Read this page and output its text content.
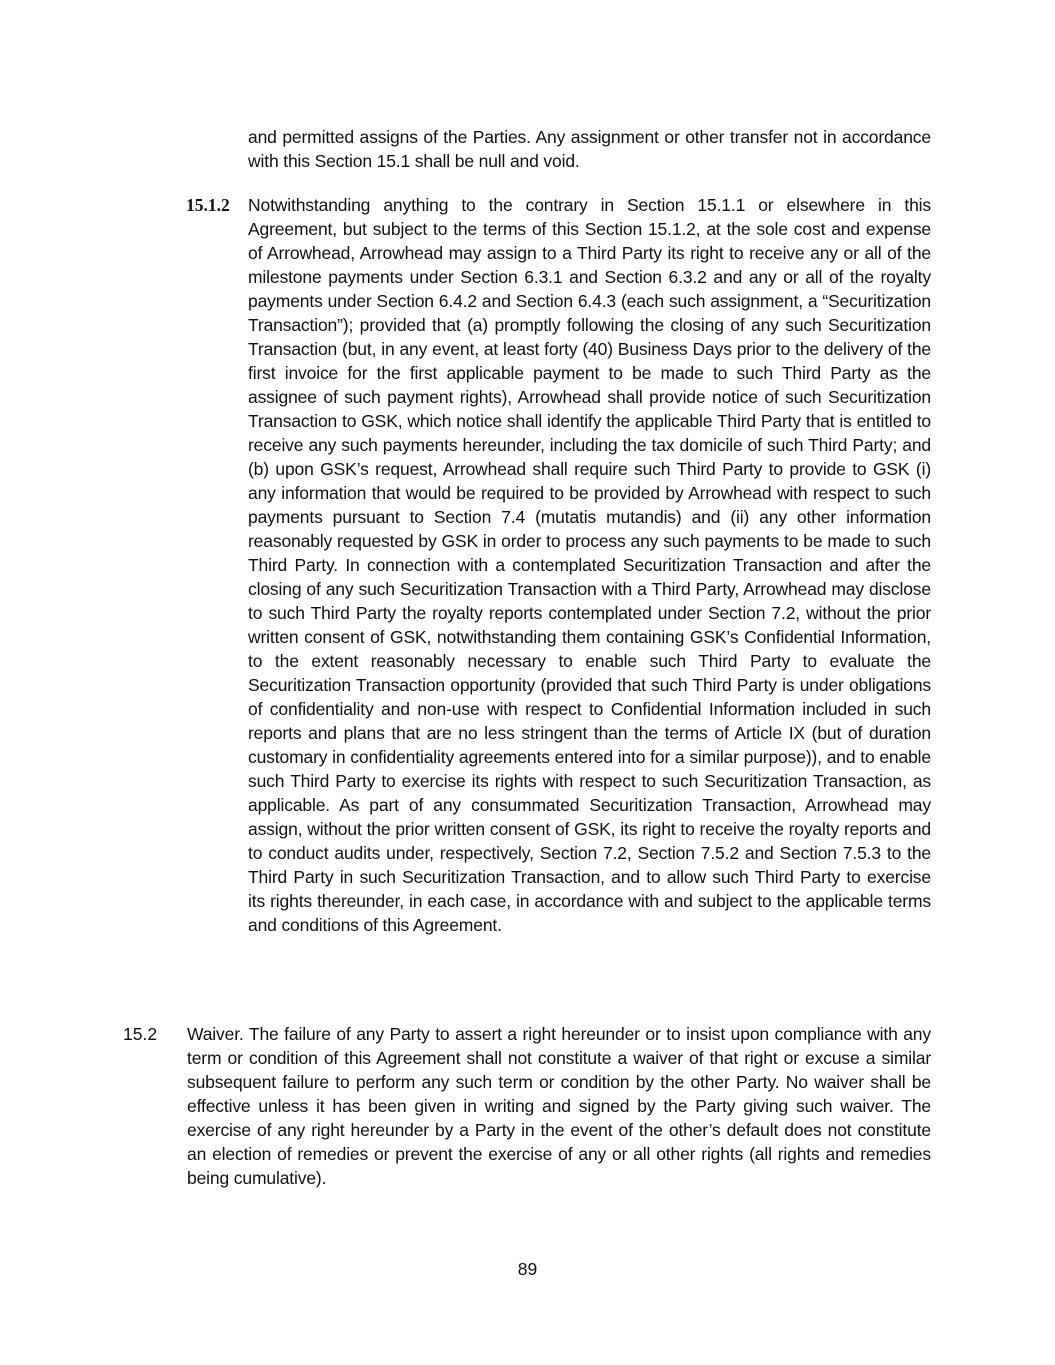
and permitted assigns of the Parties. Any assignment or other transfer not in accordance with this Section 15.1 shall be null and void.

15.1.2 Notwithstanding anything to the contrary in Section 15.1.1 or elsewhere in this Agreement, but subject to the terms of this Section 15.1.2, at the sole cost and expense of Arrowhead, Arrowhead may assign to a Third Party its right to receive any or all of the milestone payments under Section 6.3.1 and Section 6.3.2 and any or all of the royalty payments under Section 6.4.2 and Section 6.4.3 (each such assignment, a “Securitization Transaction”); provided that (a) promptly following the closing of any such Securitization Transaction (but, in any event, at least forty (40) Business Days prior to the delivery of the first invoice for the first applicable payment to be made to such Third Party as the assignee of such payment rights), Arrowhead shall provide notice of such Securitization Transaction to GSK, which notice shall identify the applicable Third Party that is entitled to receive any such payments hereunder, including the tax domicile of such Third Party; and (b) upon GSK’s request, Arrowhead shall require such Third Party to provide to GSK (i) any information that would be required to be provided by Arrowhead with respect to such payments pursuant to Section 7.4 (mutatis mutandis) and (ii) any other information reasonably requested by GSK in order to process any such payments to be made to such Third Party. In connection with a contemplated Securitization Transaction and after the closing of any such Securitization Transaction with a Third Party, Arrowhead may disclose to such Third Party the royalty reports contemplated under Section 7.2, without the prior written consent of GSK, notwithstanding them containing GSK’s Confidential Information, to the extent reasonably necessary to enable such Third Party to evaluate the Securitization Transaction opportunity (provided that such Third Party is under obligations of confidentiality and non-use with respect to Confidential Information included in such reports and plans that are no less stringent than the terms of Article IX (but of duration customary in confidentiality agreements entered into for a similar purpose)), and to enable such Third Party to exercise its rights with respect to such Securitization Transaction, as applicable. As part of any consummated Securitization Transaction, Arrowhead may assign, without the prior written consent of GSK, its right to receive the royalty reports and to conduct audits under, respectively, Section 7.2, Section 7.5.2 and Section 7.5.3 to the Third Party in such Securitization Transaction, and to allow such Third Party to exercise its rights thereunder, in each case, in accordance with and subject to the applicable terms and conditions of this Agreement.

15.2 Waiver. The failure of any Party to assert a right hereunder or to insist upon compliance with any term or condition of this Agreement shall not constitute a waiver of that right or excuse a similar subsequent failure to perform any such term or condition by the other Party. No waiver shall be effective unless it has been given in writing and signed by the Party giving such waiver. The exercise of any right hereunder by a Party in the event of the other’s default does not constitute an election of remedies or prevent the exercise of any or all other rights (all rights and remedies being cumulative).

89
